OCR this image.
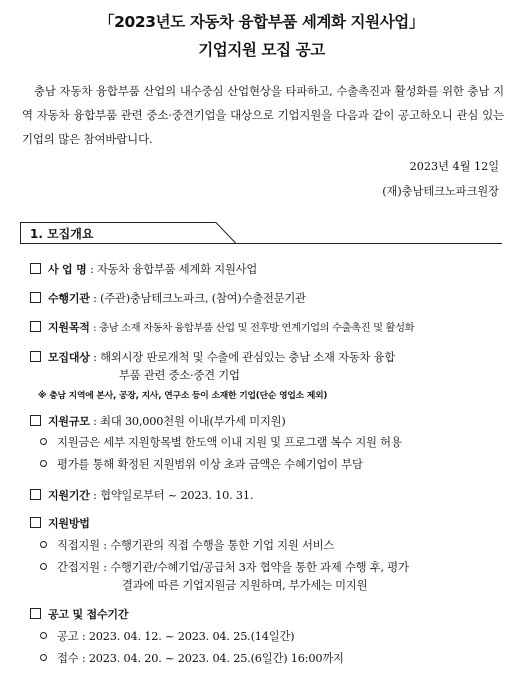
「2023년도 자동차 융합부품 세계화 지원사업」
기업지원 모집 공고
충남 자동차 융합부품 산업의 내수중심 산업현상을 타파하고, 수출촉진과 활성화를 위한 충남 지역 자동차 융합부품 관련 중소·중견기업을 대상으로 기업지원을 다음과 같이 공고하오니 관심 있는 기업의 많은 참여바랍니다.
2023년 4월 12일
(재)충남테크노파크원장
1. 모집개요
사 업 명 : 자동차 융합부품 세계화 지원사업
수행기관 : (주관)충남테크노파크, (참여)수출전문기관
지원목적 : 충남 소재 자동차 융합부품 산업 및 전후방 연계기업의 수출촉진 및 활성화
모집대상 : 해외시장 판로개척 및 수출에 관심있는 충남 소재 자동차 융합
부품 관련 중소·중견 기업
※ 충남 지역에 본사, 공장, 지사, 연구소 등이 소재한 기업(단순 영업소 제외)
지원규모 : 최대 30,000천원 이내(부가세 미지원)
지원금은 세부 지원항목별 한도액 이내 지원 및 프로그램 복수 지원 허용
평가를 통해 확정된 지원범위 이상 초과 금액은 수혜기업이 부담
지원기간 : 협약일로부터 ~ 2023. 10. 31.
지원방법
직접지원 : 수행기관의 직접 수행을 통한 기업 지원 서비스
간접지원 : 수행기관/수혜기업/공급처 3자 협약을 통한 과제 수행 후, 평가
결과에 따른 기업지원금 지원하며, 부가세는 미지원
공고 및 접수기간
공고 : 2023. 04. 12. ~ 2023. 04. 25.(14일간)
접수 : 2023. 04. 20. ~ 2023. 04. 25.(6일간) 16:00까지
